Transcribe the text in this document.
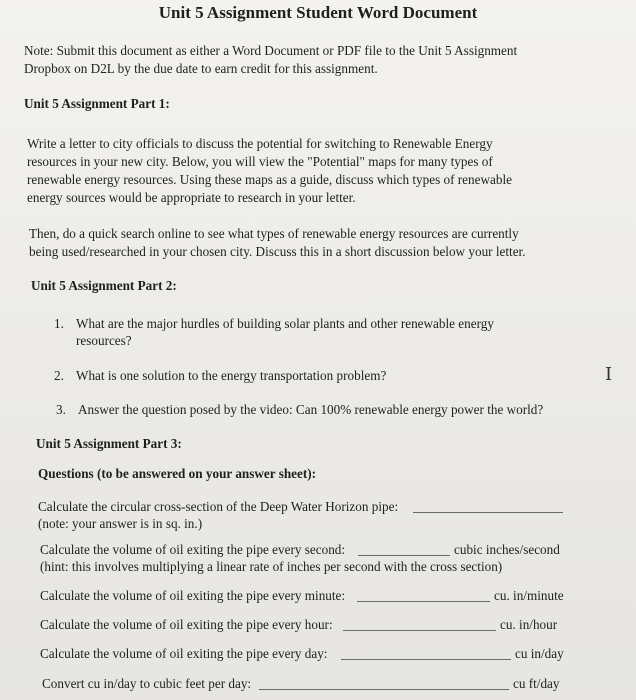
Unit 5 Assignment Student Word Document
Note: Submit this document as either a Word Document or PDF file to the Unit 5 Assignment
Dropbox on D2L by the due date to earn credit for this assignment.
Unit 5 Assignment Part 1:
Write a letter to city officials to discuss the potential for switching to Renewable Energy
resources in your new city. Below, you will view the "Potential" maps for many types of
renewable energy resources. Using these maps as a guide, discuss which types of renewable
energy sources would be appropriate to research in your letter.
Then, do a quick search online to see what types of renewable energy resources are currently
being used/researched in your chosen city. Discuss this in a short discussion below your letter.
Unit 5 Assignment Part 2:
1. What are the major hurdles of building solar plants and other renewable energy
resources?
2. What is one solution to the energy transportation problem?
3. Answer the question posed by the video: Can 100% renewable energy power the world?
Unit 5 Assignment Part 3:
Questions (to be answered on your answer sheet):
Calculate the circular cross-section of the Deep Water Horizon pipe:
(note: your answer is in sq. in.)
Calculate the volume of oil exiting the pipe every second:	cubic inches/second
(hint: this involves multiplying a linear rate of inches per second with the cross section)
Calculate the volume of oil exiting the pipe every minute:	cu. in/minute
Calculate the volume of oil exiting the pipe every hour:	cu. in/hour
Calculate the volume of oil exiting the pipe every day:	cu in/day
Convert cu in/day to cubic feet per day:	cu ft/day
I
